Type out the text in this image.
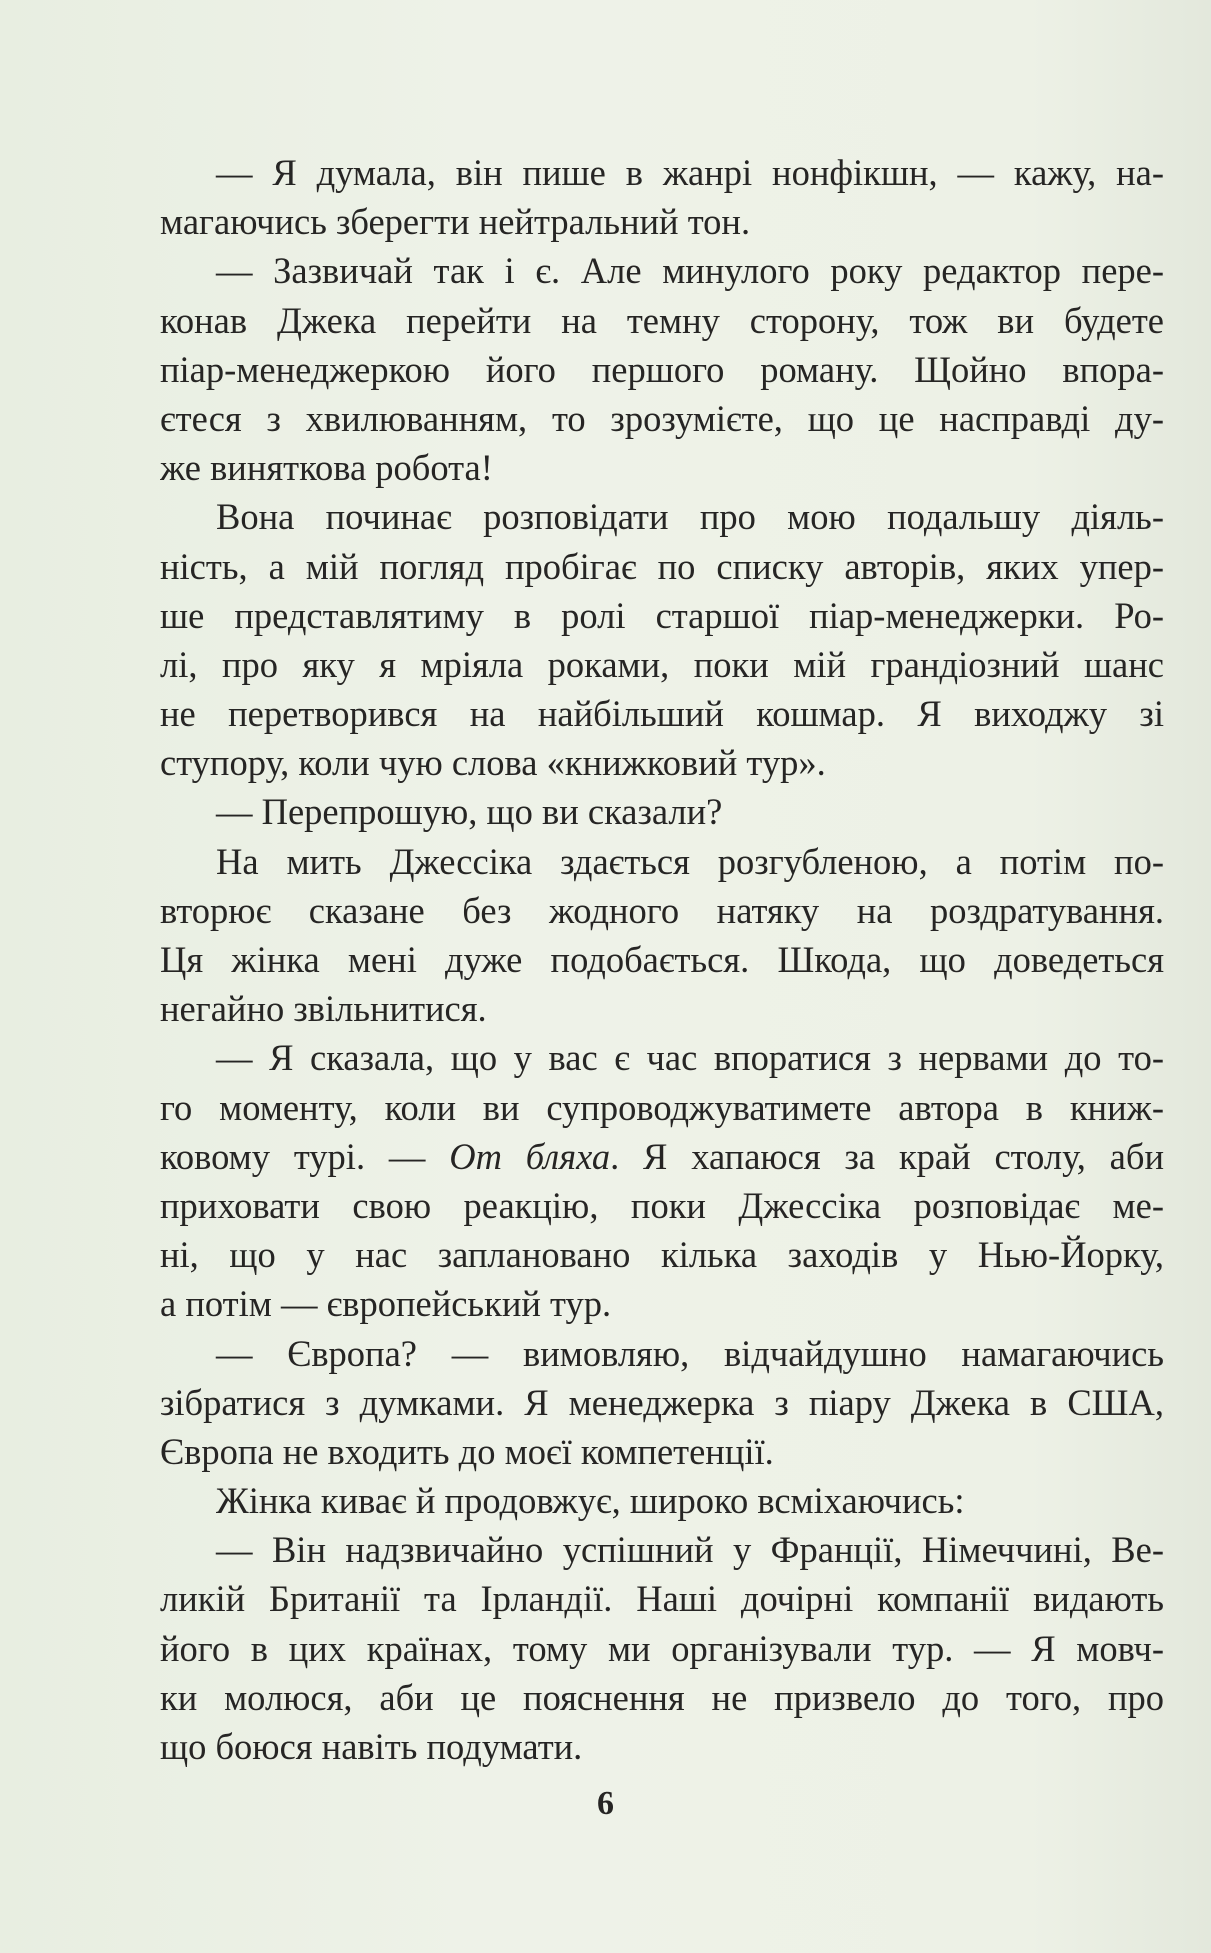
— Я думала, він пише в жанрі нонфікшн, — кажу, на-
магаючись зберегти нейтральний тон.
— Зазвичай так і є. Але минулого року редактор пере-
конав Джека перейти на темну сторону, тож ви будете
піар-менеджеркою його першого роману. Щойно впора-
єтеся з хвилюванням, то зрозумієте, що це насправді ду-
же виняткова робота!
Вона починає розповідати про мою подальшу діяль-
ність, а мій погляд пробігає по списку авторів, яких упер-
ше представлятиму в ролі старшої піар-менеджерки. Ро-
лі, про яку я мріяла роками, поки мій грандіозний шанс
не перетворився на найбільший кошмар. Я виходжу зі
ступору, коли чую слова «книжковий тур».
— Перепрошую, що ви сказали?
На мить Джессіка здається розгубленою, а потім по-
вторює сказане без жодного натяку на роздратування.
Ця жінка мені дуже подобається. Шкода, що доведеться
негайно звільнитися.
— Я сказала, що у вас є час впоратися з нервами до то-
го моменту, коли ви супроводжуватимете автора в книж-
ковому турі. — От бляха. Я хапаюся за край столу, аби
приховати свою реакцію, поки Джессіка розповідає ме-
ні, що у нас заплановано кілька заходів у Нью-Йорку,
а потім — європейський тур.
— Європа? — вимовляю, відчайдушно намагаючись
зібратися з думками. Я менеджерка з піару Джека в США,
Європа не входить до моєї компетенції.
Жінка киває й продовжує, широко всміхаючись:
— Він надзвичайно успішний у Франції, Німеччині, Ве-
ликій Британії та Ірландії. Наші дочірні компанії видають
його в цих країнах, тому ми організували тур. — Я мовч-
ки молюся, аби це пояснення не призвело до того, про
що боюся навіть подумати.
6
